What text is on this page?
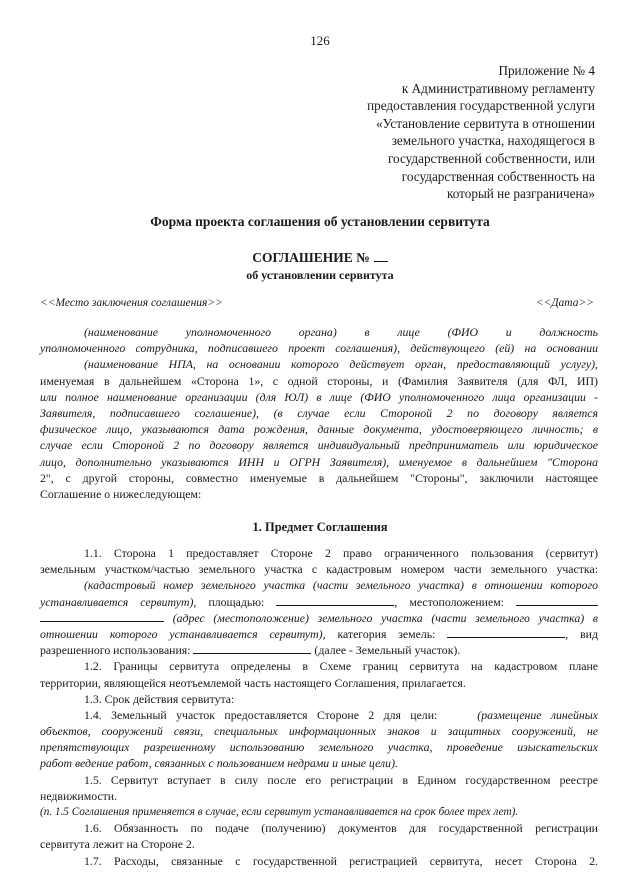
126
Приложение № 4
к Административному регламенту
предоставления государственной услуги
«Установление сервитута в отношении
земельного участка, находящегося в
государственной собственности, или
государственная собственность на
который не разграничена»
Форма проекта соглашения об установлении сервитута
СОГЛАШЕНИЕ №
об установлении сервитута
<<Место заключения соглашения>>	<<Дата>>
(наименование уполномоченного органа) в лице (ФИО и должность
уполномоченного сотрудника, подписавшего проект соглашения), действующего (ей) на основании
(наименование НПА, на основании которого действует орган, предоставляющий услугу),
именуемая в дальнейшем «Сторона 1», с одной стороны, и (Фамилия Заявителя (для ФЛ, ИП)
или полное наименование организации (для ЮЛ) в лице (ФИО уполномоченного лица организации -
Заявителя, подписавшего соглашение), (в случае если Стороной 2 по договору является
физическое лицо, указываются дата рождения, данные документа, удостоверяющего личность; в
случае если Стороной 2 по договору является индивидуальный предприниматель или юридическое
лицо, дополнительно указываются ИНН и ОГРН Заявителя), именуемое в дальнейшем "Сторона
2", с другой стороны, совместно именуемые в дальнейшем "Стороны", заключили настоящее
Соглашение о нижеследующем:
1. Предмет Соглашения
1.1. Сторона 1 предоставляет Стороне 2 право ограниченного пользования (сервитут)
земельным участком/частью земельного участка с кадастровым номером части земельного участка:
(кадастровый номер земельного участка (части земельного участка) в отношении которого
устанавливается сервитут), площадью:	, местоположением:
(адрес (местоположение) земельного участка (части земельного участка) в
отношении которого устанавливается сервитут), категория земель:	, вид
разрешенного использования:	(далее - Земельный участок).
1.2. Границы сервитута определены в Схеме границ сервитута на кадастровом плане
территории, являющейся неотъемлемой часть настоящего Соглашения, прилагается.
1.3. Срок действия сервитута:
1.4. Земельный участок предоставляется Стороне 2 для цели:	(размещение линейных
объектов, сооружений связи, специальных информационных знаков и защитных сооружений, не
препятствующих разрешенному использованию земельного участка, проведение изыскательских
работ ведение работ, связанных с пользованием недрами и иные цели).
1.5. Сервитут вступает в силу после его регистрации в Едином государственном реестре
недвижимости.
(п. 1.5 Соглашения применяется в случае, если сервитут устанавливается на срок более трех лет).
1.6. Обязанность по подаче (получению) документов для государственной регистрации
сервитута лежит на Стороне 2.
1.7. Расходы, связанные с государственной регистрацией сервитута, несет Сторона 2.
